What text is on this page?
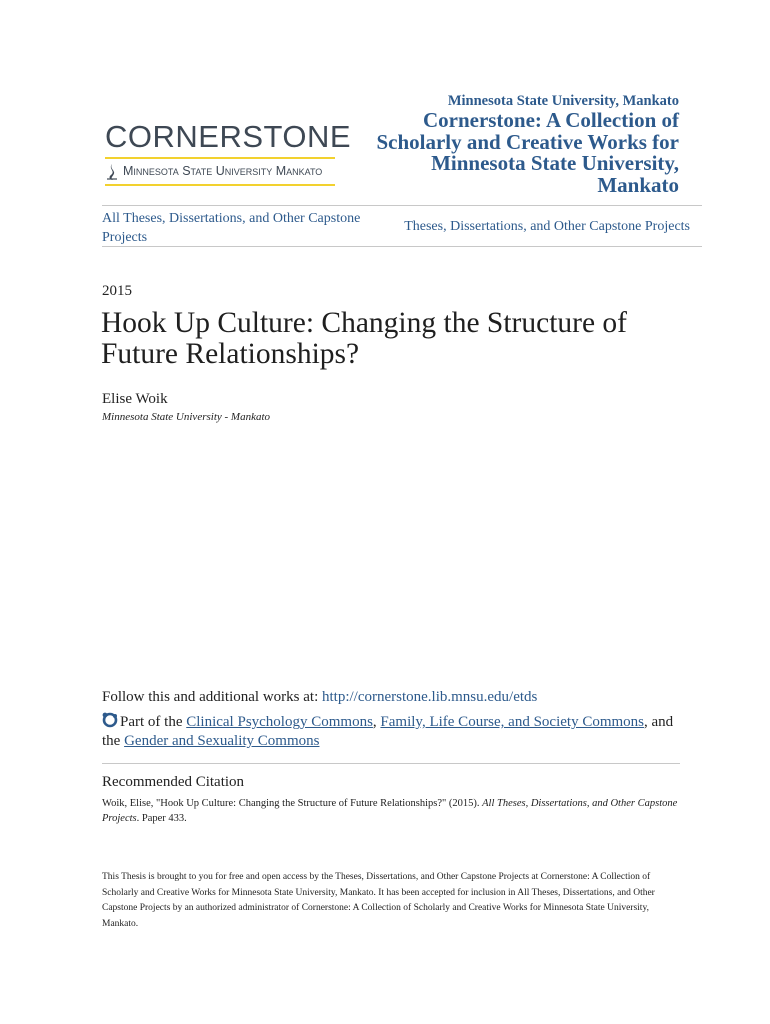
CORNERSTONE
Minnesota State University Mankato
Minnesota State University, Mankato
Cornerstone: A Collection of Scholarly and Creative Works for Minnesota State University, Mankato
All Theses, Dissertations, and Other Capstone Projects
Theses, Dissertations, and Other Capstone Projects
2015
Hook Up Culture: Changing the Structure of Future Relationships?
Elise Woik
Minnesota State University - Mankato
Follow this and additional works at: http://cornerstone.lib.mnsu.edu/etds
Part of the Clinical Psychology Commons, Family, Life Course, and Society Commons, and the Gender and Sexuality Commons
Recommended Citation
Woik, Elise, "Hook Up Culture: Changing the Structure of Future Relationships?" (2015). All Theses, Dissertations, and Other Capstone Projects. Paper 433.
This Thesis is brought to you for free and open access by the Theses, Dissertations, and Other Capstone Projects at Cornerstone: A Collection of Scholarly and Creative Works for Minnesota State University, Mankato. It has been accepted for inclusion in All Theses, Dissertations, and Other Capstone Projects by an authorized administrator of Cornerstone: A Collection of Scholarly and Creative Works for Minnesota State University, Mankato.
